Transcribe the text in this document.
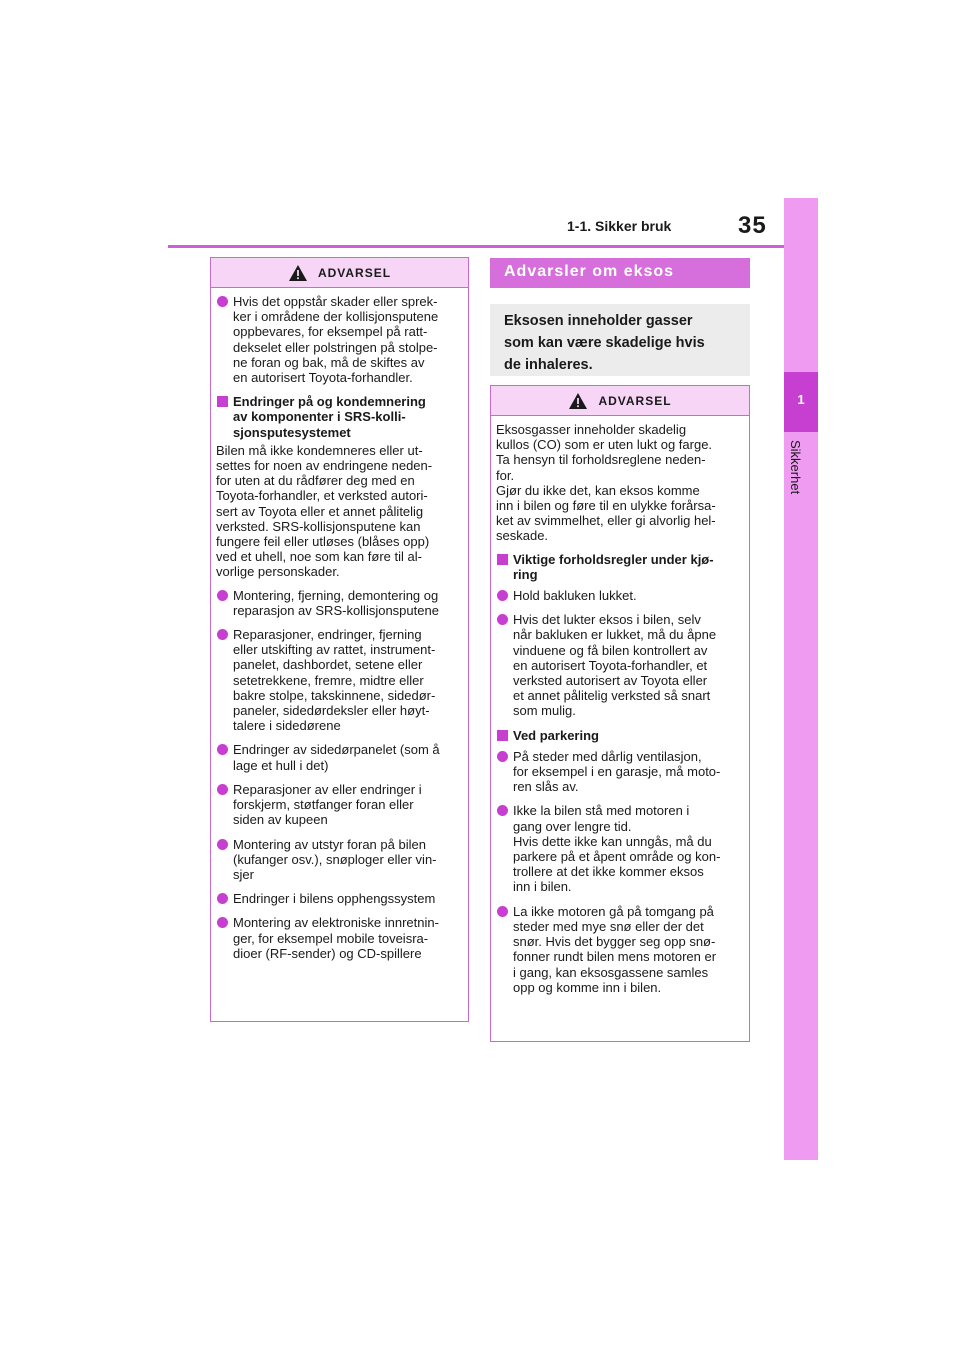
1-1. Sikker bruk	35
1
Sikkerhet
ADVARSEL
Hvis det oppstår skader eller sprek-
ker i områdene der kollisjonsputene
oppbevares, for eksempel på ratt-
dekselet eller polstringen på stolpe-
ne foran og bak, må de skiftes av
en autorisert Toyota-forhandler.
Endringer på og kondemnering
av komponenter i SRS-kolli-
sjonsputesystemet
Bilen må ikke kondemneres eller ut-
settes for noen av endringene neden-
for uten at du rådfører deg med en
Toyota-forhandler, et verksted autori-
sert av Toyota eller et annet pålitelig
verksted. SRS-kollisjonsputene kan
fungere feil eller utløses (blåses opp)
ved et uhell, noe som kan føre til al-
vorlige personskader.
Montering, fjerning, demontering og
reparasjon av SRS-kollisjonsputene
Reparasjoner, endringer, fjerning
eller utskifting av rattet, instrument-
panelet, dashbordet, setene eller
setetrekkene, fremre, midtre eller
bakre stolpe, takskinnene, sidedør-
paneler, sidedørdeksler eller høyt-
talere i sidedørene
Endringer av sidedørpanelet (som å
lage et hull i det)
Reparasjoner av eller endringer i
forskjerm, støtfanger foran eller
siden av kupeen
Montering av utstyr foran på bilen
(kufanger osv.), snøploger eller vin-
sjer
Endringer i bilens opphengssystem
Montering av elektroniske innretnin-
ger, for eksempel mobile toveisra-
dioer (RF-sender) og CD-spillere
Advarsler om eksos
Eksosen inneholder gasser
som kan være skadelige hvis
de inhaleres.
ADVARSEL
Eksosgasser inneholder skadelig
kullos (CO) som er uten lukt og farge.
Ta hensyn til forholdsreglene neden-
for.
Gjør du ikke det, kan eksos komme
inn i bilen og føre til en ulykke forårsa-
ket av svimmelhet, eller gi alvorlig hel-
seskade.
Viktige forholdsregler under kjø-
ring
Hold bakluken lukket.
Hvis det lukter eksos i bilen, selv
når bakluken er lukket, må du åpne
vinduene og få bilen kontrollert av
en autorisert Toyota-forhandler, et
verksted autorisert av Toyota eller
et annet pålitelig verksted så snart
som mulig.
Ved parkering
På steder med dårlig ventilasjon,
for eksempel i en garasje, må moto-
ren slås av.
Ikke la bilen stå med motoren i
gang over lengre tid.
Hvis dette ikke kan unngås, må du
parkere på et åpent område og kon-
trollere at det ikke kommer eksos
inn i bilen.
La ikke motoren gå på tomgang på
steder med mye snø eller der det
snør. Hvis det bygger seg opp snø-
fonner rundt bilen mens motoren er
i gang, kan eksosgassene samles
opp og komme inn i bilen.
